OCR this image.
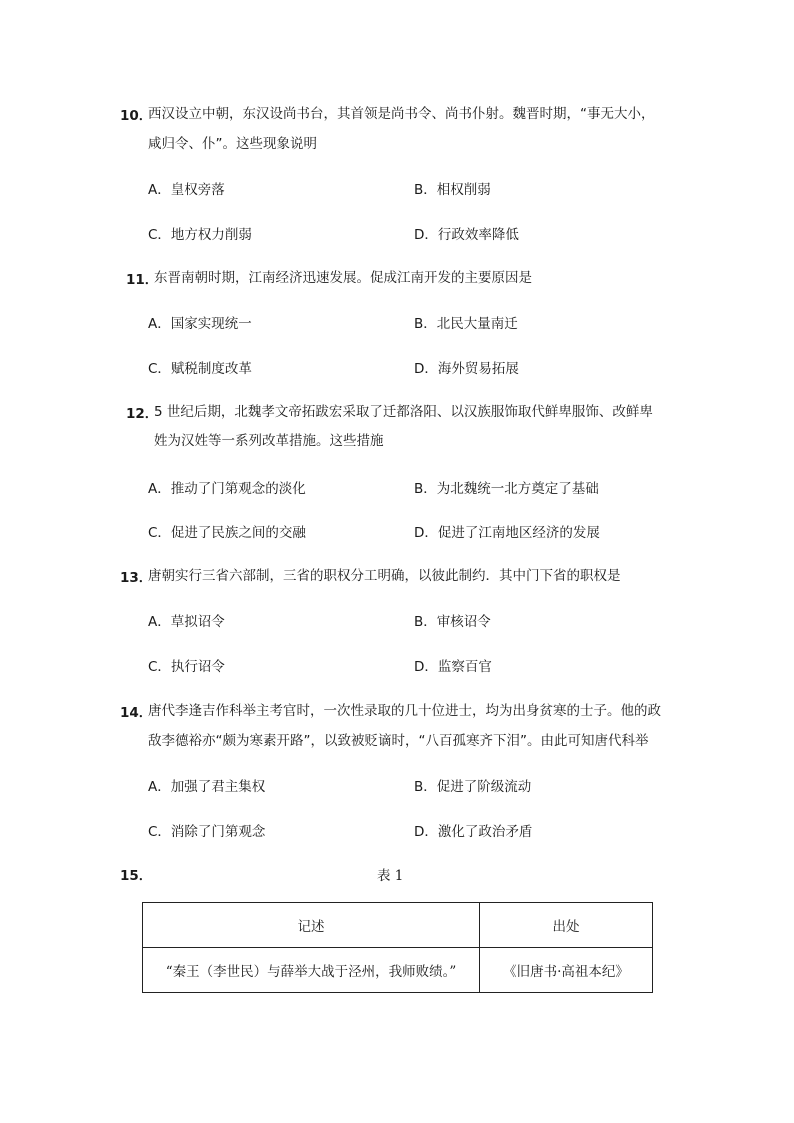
10．
西汉设立中朝，东汉设尚书台，其首领是尚书令、尚书仆射。魏晋时期，“事无大小，
咸归令、仆”。这些现象说明
A．皇权旁落	B．相权削弱
C．地方权力削弱	D．行政效率降低
11．
东晋南朝时期，江南经济迅速发展。促成江南开发的主要原因是
A．国家实现统一	B．北民大量南迁
C．赋税制度改革	D．海外贸易拓展
12．
5 世纪后期，北魏孝文帝拓跋宏采取了迁都洛阳、以汉族服饰取代鲜卑服饰、改鲜卑
姓为汉姓等一系列改革措施。这些措施
A．推动了门第观念的淡化	B．为北魏统一北方奠定了基础
C．促进了民族之间的交融	D．促进了江南地区经济的发展
13．
唐朝实行三省六部制，三省的职权分工明确，以彼此制约．其中门下省的职权是
A．草拟诏令	B．审核诏令
C．执行诏令	D．监察百官
14．
唐代李逢吉作科举主考官时，一次性录取的几十位进士，均为出身贫寒的士子。他的政
敌李德裕亦“颇为寒素开路”，以致被贬谪时，“八百孤寒齐下泪”。由此可知唐代科举
A．加强了君主集权	B．促进了阶级流动
C．消除了门第观念	D．激化了政治矛盾
15．	表 1
记述	出处
“秦王（李世民）与薛举大战于泾州，我师败绩。”	《旧唐书·高祖本纪》
